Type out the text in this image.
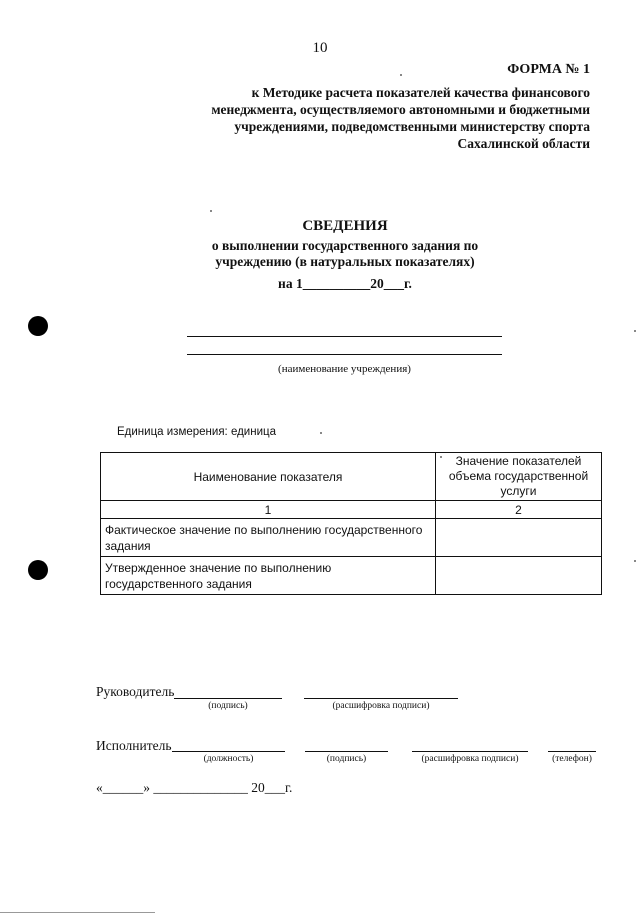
10
ФОРМА № 1
к Методике расчета показателей качества финансового
менеджмента, осуществляемого автономными и бюджетными
учреждениями, подведомственными министерству спорта
Сахалинской области
СВЕДЕНИЯ
о выполнении государственного задания по
учреждению (в натуральных показателях)
на 1__________20___г.
(наименование учреждения)
Единица измерения: единица
Наименование показателя	Значение показателей объема государственной услуги
1	2
Фактическое значение по выполнению государственного задания	
Утвержденное значение по выполнению государственного задания	
Руководитель
(подпись)	(расшифровка подписи)
Исполнитель
(должность)	(подпись)	(расшифровка подписи)	(телефон)
«______» ______________ 20___г.
